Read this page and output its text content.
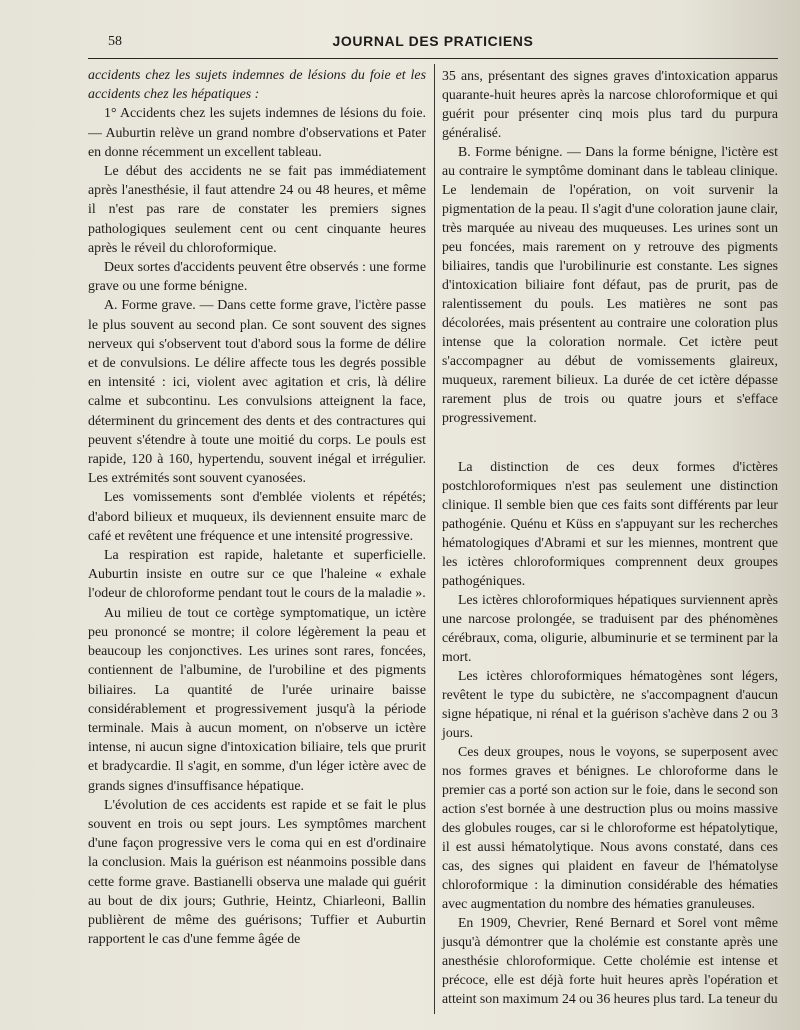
58	JOURNAL DES PRATICIENS

accidents chez les sujets indemnes de lésions du foie et les accidents chez les hépatiques :

1° Accidents chez les sujets indemnes de lésions du foie. — Auburtin relève un grand nombre d'observations et Pater en donne récemment un excellent tableau.

Le début des accidents ne se fait pas immédiatement après l'anesthésie, il faut attendre 24 ou 48 heures, et même il n'est pas rare de constater les premiers signes pathologiques seulement cent ou cent cinquante heures après le réveil du chloroformique.

Deux sortes d'accidents peuvent être observés : une forme grave ou une forme bénigne.

A. Forme grave. — Dans cette forme grave, l'ictère passe le plus souvent au second plan. Ce sont souvent des signes nerveux qui s'observent tout d'abord sous la forme de délire et de convulsions. Le délire affecte tous les degrés possible en intensité : ici, violent avec agitation et cris, là délire calme et subcontinu. Les convulsions atteignent la face, déterminent du grincement des dents et des contractures qui peuvent s'étendre à toute une moitié du corps. Le pouls est rapide, 120 à 160, hypertendu, souvent inégal et irrégulier. Les extrémités sont souvent cyanosées.

Les vomissements sont d'emblée violents et répétés; d'abord bilieux et muqueux, ils deviennent ensuite marc de café et revêtent une fréquence et une intensité progressive.

La respiration est rapide, haletante et superficielle. Auburtin insiste en outre sur ce que l'haleine « exhale l'odeur de chloroforme pendant tout le cours de la maladie ».

Au milieu de tout ce cortège symptomatique, un ictère peu prononcé se montre; il colore légèrement la peau et beaucoup les conjonctives. Les urines sont rares, foncées, contiennent de l'albumine, de l'urobiline et des pigments biliaires. La quantité de l'urée urinaire baisse considérablement et progressivement jusqu'à la période terminale. Mais à aucun moment, on n'observe un ictère intense, ni aucun signe d'intoxication biliaire, tels que prurit et bradycardie. Il s'agit, en somme, d'un léger ictère avec de grands signes d'insuffisance hépatique.

L'évolution de ces accidents est rapide et se fait le plus souvent en trois ou sept jours. Les symptômes marchent d'une façon progressive vers le coma qui en est d'ordinaire la conclusion. Mais la guérison est néanmoins possible dans cette forme grave. Bastianelli observa une malade qui guérit au bout de dix jours; Guthrie, Heintz, Chiarleoni, Ballin publièrent de même des guérisons; Tuffier et Auburtin rapportent le cas d'une femme âgée de

35 ans, présentant des signes graves d'intoxication apparus quarante-huit heures après la narcose chloroformique et qui guérit pour présenter cinq mois plus tard du purpura généralisé.

B. Forme bénigne. — Dans la forme bénigne, l'ictère est au contraire le symptôme dominant dans le tableau clinique. Le lendemain de l'opération, on voit survenir la pigmentation de la peau. Il s'agit d'une coloration jaune clair, très marquée au niveau des muqueuses. Les urines sont un peu foncées, mais rarement on y retrouve des pigments biliaires, tandis que l'urobilinurie est constante. Les signes d'intoxication biliaire font défaut, pas de prurit, pas de ralentissement du pouls. Les matières ne sont pas décolorées, mais présentent au contraire une coloration plus intense que la coloration normale. Cet ictère peut s'accompagner au début de vomissements glaireux, muqueux, rarement bilieux. La durée de cet ictère dépasse rarement plus de trois ou quatre jours et s'efface progressivement.

La distinction de ces deux formes d'ictères postchloroformiques n'est pas seulement une distinction clinique. Il semble bien que ces faits sont différents par leur pathogénie. Quénu et Küss en s'appuyant sur les recherches hématologiques d'Abrami et sur les miennes, montrent que les ictères chloroformiques comprennent deux groupes pathogéniques.

Les ictères chloroformiques hépatiques surviennent après une narcose prolongée, se traduisent par des phénomènes cérébraux, coma, oligurie, albuminurie et se terminent par la mort.

Les ictères chloroformiques hématogènes sont légers, revêtent le type du subictère, ne s'accompagnent d'aucun signe hépatique, ni rénal et la guérison s'achève dans 2 ou 3 jours.

Ces deux groupes, nous le voyons, se superposent avec nos formes graves et bénignes. Le chloroforme dans le premier cas a porté son action sur le foie, dans le second son action s'est bornée à une destruction plus ou moins massive des globules rouges, car si le chloroforme est hépatolytique, il est aussi hématolytique. Nous avons constaté, dans ces cas, des signes qui plaident en faveur de l'hématolyse chloroformique : la diminution considérable des hématies avec augmentation du nombre des hématies granuleuses.

En 1909, Chevrier, René Bernard et Sorel vont même jusqu'à démontrer que la cholémie est constante après une anesthésie chloroformique. Cette cholémie est intense et précoce, elle est déjà forte huit heures après l'opération et atteint son maximum 24 ou 36 heures plus tard. La teneur du
